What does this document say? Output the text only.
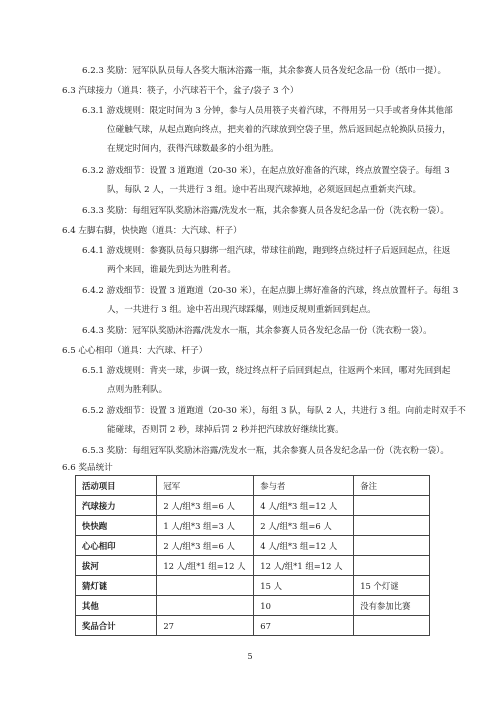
6.2.3 奖励：冠军队队员每人各奖大瓶沐浴露一瓶，其余参赛人员各发纪念品一份（纸巾一提）。
6.3 汽球接力（道具：筷子，小汽球若干个，盆子/袋子 3 个）
6.3.1 游戏规则：限定时间为 3 分钟，参与人员用筷子夹着汽球，不得用另一只手或者身体其他部
位碰触气球，从起点跑向终点，把夹着的汽球放到空袋子里，然后返回起点轮换队员接力，
在规定时间内，获得汽球数最多的小组为胜。
6.3.2 游戏细节：设置 3 道跑道（20-30 米），在起点放好准备的汽球，终点放置空袋子。每组 3
队，每队 2 人，一共进行 3 组。途中若出现汽球掉地，必须返回起点重新夹汽球。
6.3.3 奖励：每组冠军队奖励沐浴露/洗发水一瓶，其余参赛人员各发纪念品一份（洗衣粉一袋）。
6.4 左脚右脚，快快跑（道具：大汽球、杆子）
6.4.1 游戏规则：参赛队员每只脚绑一组汽球，带球往前跑，跑到终点绕过杆子后返回起点，往返
两个来回，谁最先到达为胜利者。
6.4.2 游戏细节：设置 3 道跑道（20-30 米），在起点脚上绑好准备的汽球，终点放置杆子。每组 3
人，一共进行 3 组。途中若出现汽球踩爆，则违反规则重新回到起点。
6.4.3 奖励：冠军队奖励沐浴露/洗发水一瓶，其余参赛人员各发纪念品一份（洗衣粉一袋）。
6.5 心心相印（道具：大汽球、杆子）
6.5.1 游戏规则：背夹一球，步调一致，绕过终点杆子后回到起点，往返两个来回，哪对先回到起
点则为胜利队。
6.5.2 游戏细节：设置 3 道跑道（20-30 米），每组 3 队，每队 2 人，共进行 3 组。向前走时双手不
能碰球，否则罚 2 秒，球掉后罚 2 秒并把汽球放好继续比赛。
6.5.3 奖励：每组冠军队奖励沐浴露/洗发水一瓶，其余参赛人员各发纪念品一份（洗衣粉一袋）。
6.6 奖品统计
活动项目	冠军	参与者	备注
汽球接力	2 人/组*3 组=6 人	4 人/组*3 组=12 人	
快快跑	1 人/组*3 组=3 人	2 人/组*3 组=6 人	
心心相印	2 人/组*3 组=6 人	4 人/组*3 组=12 人	
拔河	12 人/组*1 组=12 人	12 人/组*1 组=12 人	
猜灯谜		15 人	15 个灯谜
其他		10	没有参加比赛
奖品合计	27	67	
5
